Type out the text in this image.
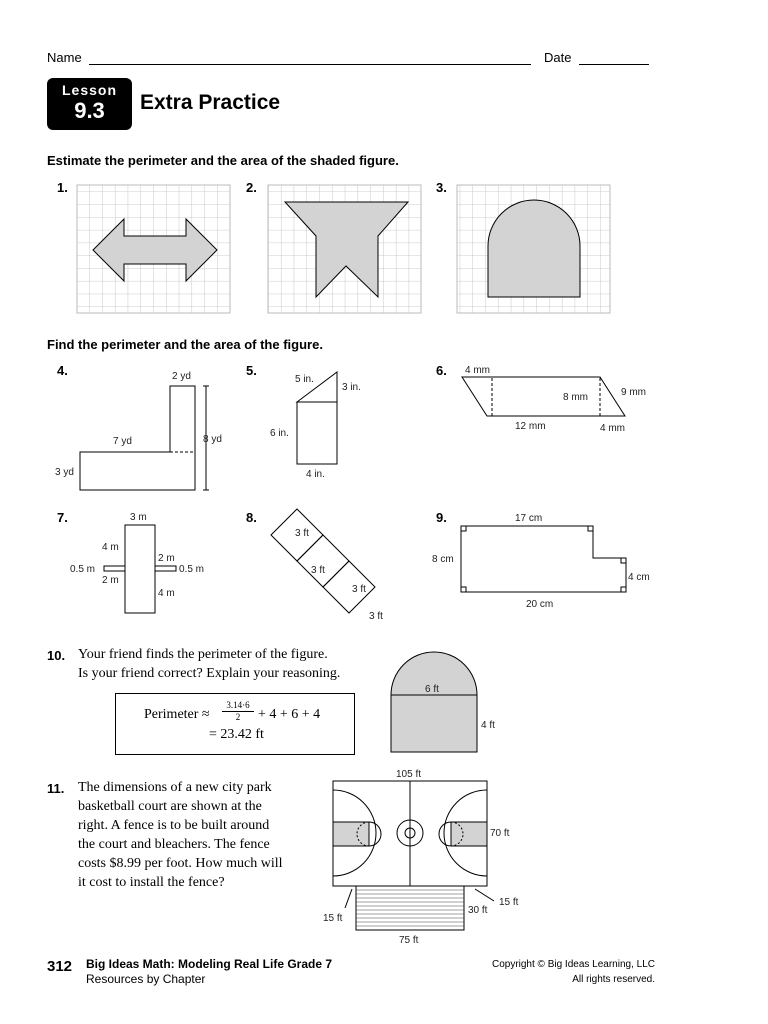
Name	Date
Lesson
9.3	Extra Practice
Estimate the perimeter and the area of the shaded figure.
1.	2.	3.
2 yd
7 yd	8 yd
3 yd
5 in.
3 in.
6 in.
4 in.
4 mm
8 mm	9 mm
12 mm	4 mm
3 m
4 m
0.5 m
2 m
2 m
0.5 m
4 m
3 ft
3 ft
3 ft
3 ft
17 cm
8 cm
4 cm
20 cm
6 ft
4 ft
105 ft
70 ft
15 ft
30 ft
15 ft
75 ft
Find the perimeter and the area of the figure.
4.	5.	6.
7.	8.	9.
10. Your friend finds the perimeter of the figure.
Is your friend correct? Explain your reasoning.
Perimeter ≈ $\frac{3.14\cdot 6}{2} + 4 + 6 + 4$
= 23.42 ft
11. The dimensions of a new city park
basketball court are shown at the
right. A fence is to be built around
the court and bleachers. The fence
costs $8.99 per foot. How much will
it cost to install the fence?
312 Big Ideas Math: Modeling Real Life Grade 7
Resources by Chapter
Copyright © Big Ideas Learning, LLC
All rights reserved.
